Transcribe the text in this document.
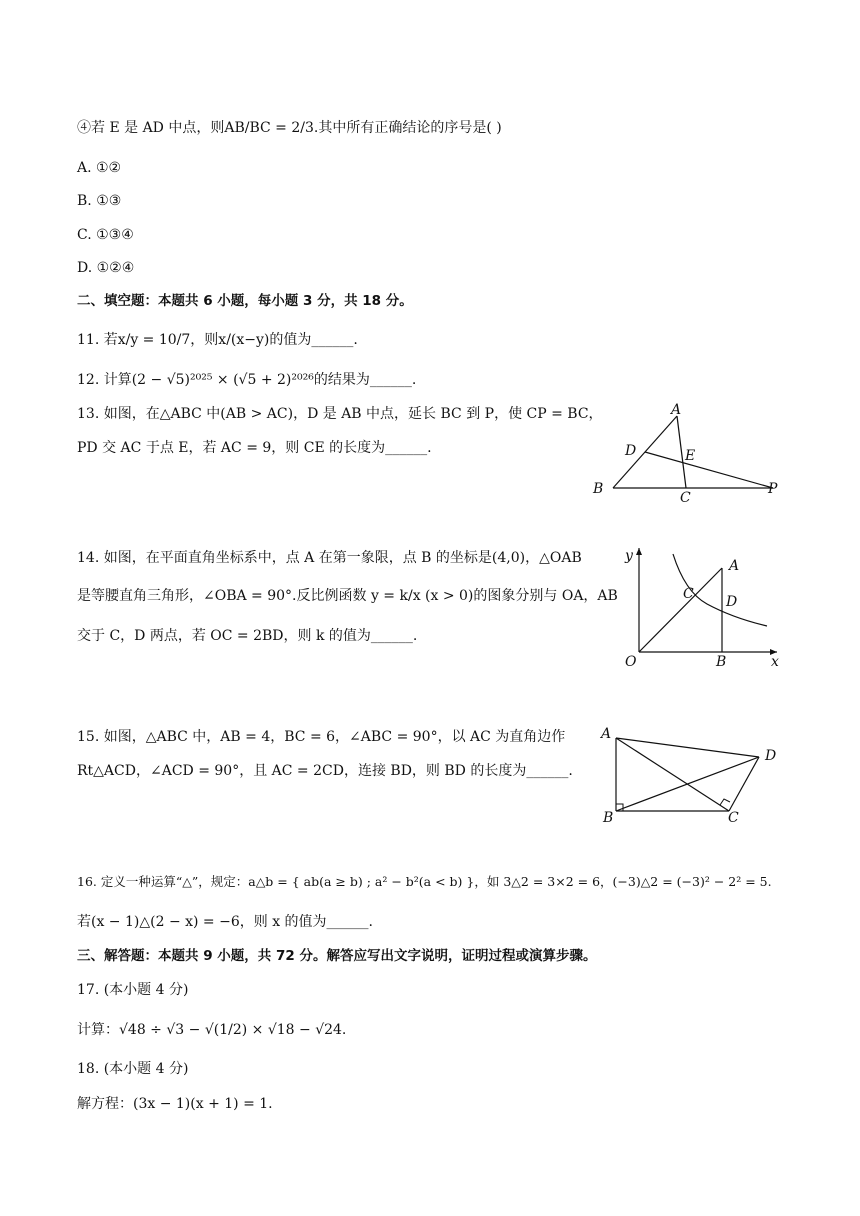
④若 E 是 AD 中点，则AB/BC = 2/3.其中所有正确结论的序号是( )
A. ①②
B. ①③
C. ①③④
D. ①②④
二、填空题：本题共 6 小题，每小题 3 分，共 18 分。
11. 若x/y = 10/7，则x/(x−y)的值为______.
12. 计算(2 − √5)²⁰²⁵ × (√5 + 2)²⁰²⁶的结果为______.
13. 如图，在△ABC 中(AB > AC)，D 是 AB 中点，延长 BC 到 P，使 CP = BC，
PD 交 AC 于点 E，若 AC = 9，则 CE 的长度为______.
A
D	E
B
C
P
14. 如图，在平面直角坐标系中，点 A 在第一象限，点 B 的坐标是(4,0)，△OAB
是等腰直角三角形，∠OBA = 90°.反比例函数 y = k/x (x > 0)的图象分别与 OA，AB
交于 C，D 两点，若 OC = 2BD，则 k 的值为______.
y
x
O	B
A
C D
15. 如图，△ABC 中，AB = 4，BC = 6，∠ABC = 90°，以 AC 为直角边作
Rt△ACD，∠ACD = 90°，且 AC = 2CD，连接 BD，则 BD 的长度为______.
A
B	C
D
16. 定义一种运算“△”，规定：a△b = { ab(a ≥ b) ; a² − b²(a < b) }，如 3△2 = 3×2 = 6，(−3)△2 = (−3)² − 2² = 5.
若(x − 1)△(2 − x) = −6，则 x 的值为______.
三、解答题：本题共 9 小题，共 72 分。解答应写出文字说明，证明过程或演算步骤。
17. (本小题 4 分)
计算：√48 ÷ √3 − √(1/2) × √18 − √24.
18. (本小题 4 分)
解方程：(3x − 1)(x + 1) = 1.
